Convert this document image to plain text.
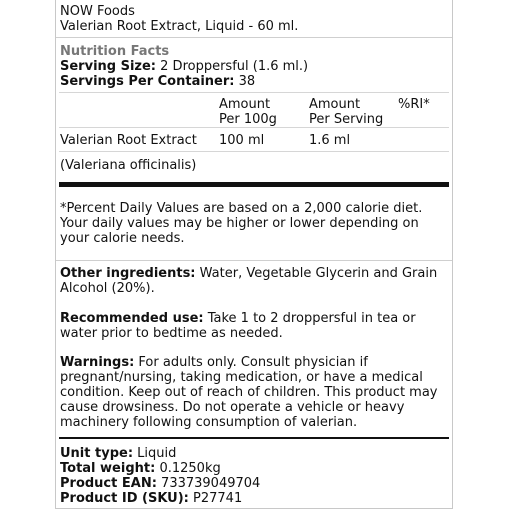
NOW Foods
Valerian Root Extract, Liquid - 60 ml.
Nutrition Facts
Serving Size: 2 Droppersful (1.6 ml.)
Servings Per Container: 38
Amount
Per 100g
Amount
Per Serving
%RI*
Valerian Root Extract 100 ml	1.6 ml
(Valeriana officinalis)
*Percent Daily Values are based on a 2,000 calorie diet. Your daily values may be higher or lower depending on your calorie needs.
Other ingredients: Water, Vegetable Glycerin and Grain Alcohol (20%).
Recommended use: Take 1 to 2 droppersful in tea or water prior to bedtime as needed.
Warnings: For adults only. Consult physician if pregnant/nursing, taking medication, or have a medical condition. Keep out of reach of children. This product may cause drowsiness. Do not operate a vehicle or heavy machinery following consumption of valerian.
Unit type: Liquid
Total weight: 0.1250kg
Product EAN: 733739049704
Product ID (SKU): P27741
